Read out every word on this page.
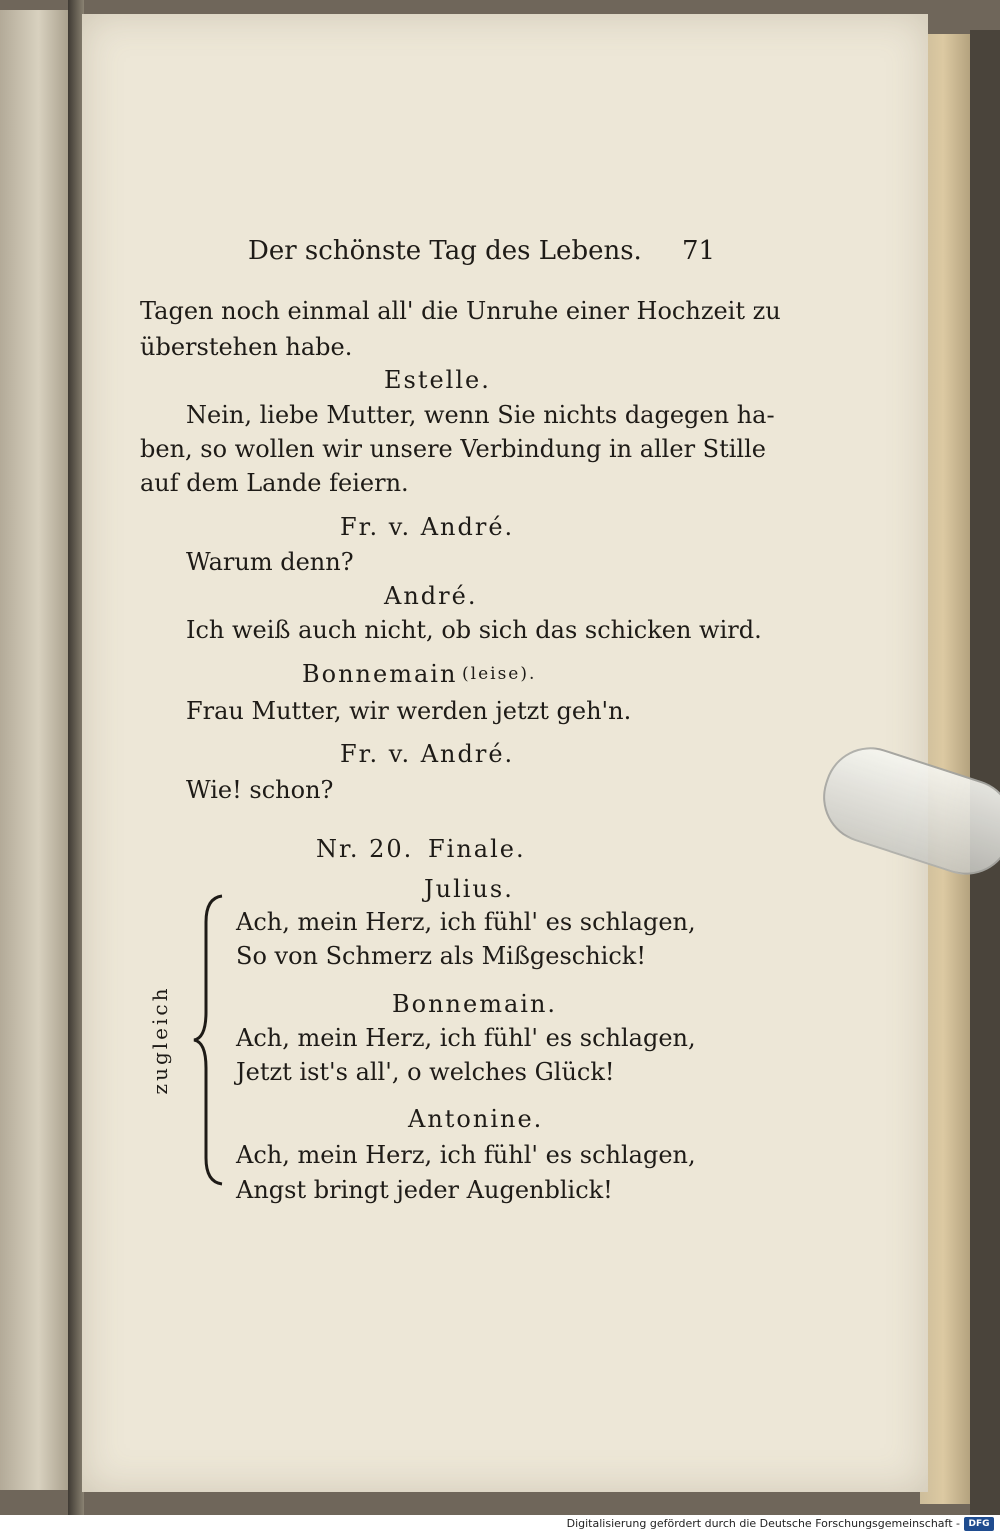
Der schönste Tag des Lebens. 71
Tagen noch einmal all' die Unruhe einer Hochzeit zu
überstehen habe.
Estelle.
Nein, liebe Mutter, wenn Sie nichts dagegen ha-
ben, so wollen wir unsere Verbindung in aller Stille
auf dem Lande feiern.
Fr. v. André.
Warum denn?
André.
Ich weiß auch nicht, ob sich das schicken wird.
Bonnemain (leise).
Frau Mutter, wir werden jetzt geh'n.
Fr. v. André.
Wie! schon?
Nr. 20. Finale.
Julius.
Ach, mein Herz, ich fühl' es schlagen,
So von Schmerz als Mißgeschick!
Bonnemain.
Ach, mein Herz, ich fühl' es schlagen,
Jetzt ist's all', o welches Glück!
Antonine.
Ach, mein Herz, ich fühl' es schlagen,
Angst bringt jeder Augenblick!
zugleich
Digitalisierung gefördert durch die Deutsche Forschungsgemeinschaft - DFG
